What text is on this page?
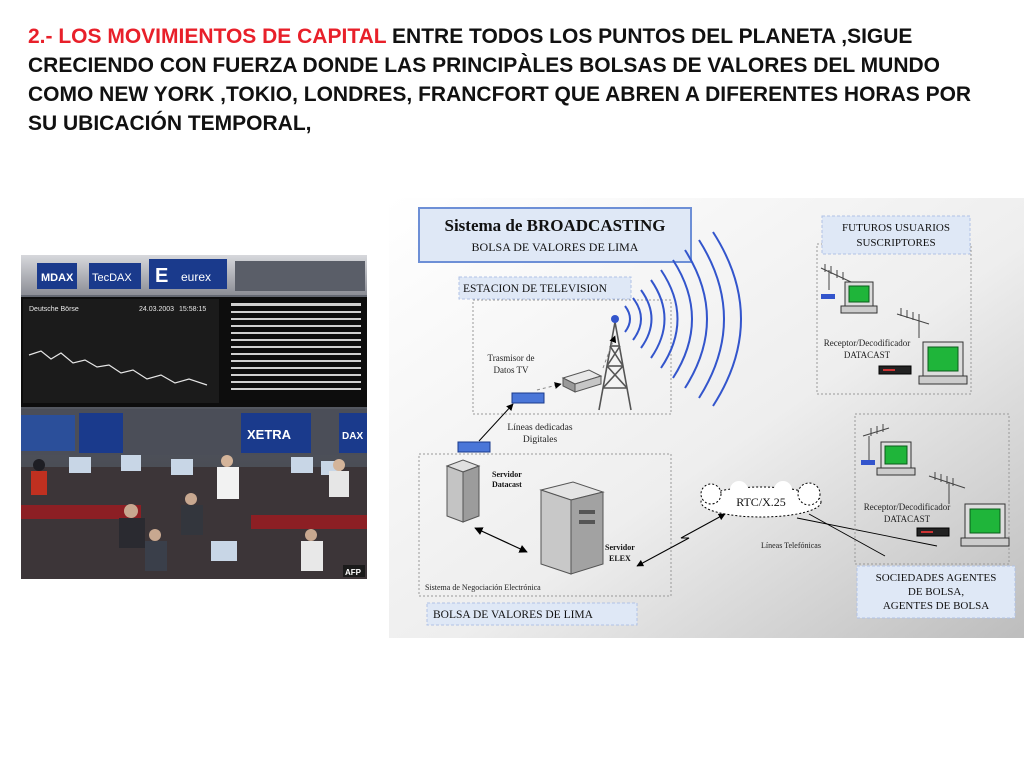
2.- LOS MOVIMIENTOS DE CAPITAL ENTRE TODOS LOS PUNTOS DEL PLANETA ,SIGUE CRECIENDO CON FUERZA DONDE LAS PRINCIPÀLES BOLSAS DE VALORES DEL MUNDO COMO NEW YORK ,TOKIO, LONDRES, FRANCFORT QUE ABREN A DIFERENTES HORAS POR SU UBICACIÓN TEMPORAL,
MDAX TecDAX E eurex
Deutsche Börse	24.03.2003 15:58:15
XETRA	DAX
AFP
Sistema de BROADCASTING
BOLSA DE VALORES DE LIMA
ESTACION DE TELEVISION
Trasmisor de
Datos TV
Líneas dedicadas
Digitales
Servidor
Datacast
Servidor
ELEX
Sistema de Negociación Electrónica
BOLSA DE VALORES DE LIMA
RTC/X.25
Líneas Telefónicas
FUTUROS USUARIOS
SUSCRIPTORES
Receptor/Decodificador
DATACAST
Receptor/Decodificador
DATACAST
SOCIEDADES AGENTES
DE BOLSA,
AGENTES DE BOLSA
